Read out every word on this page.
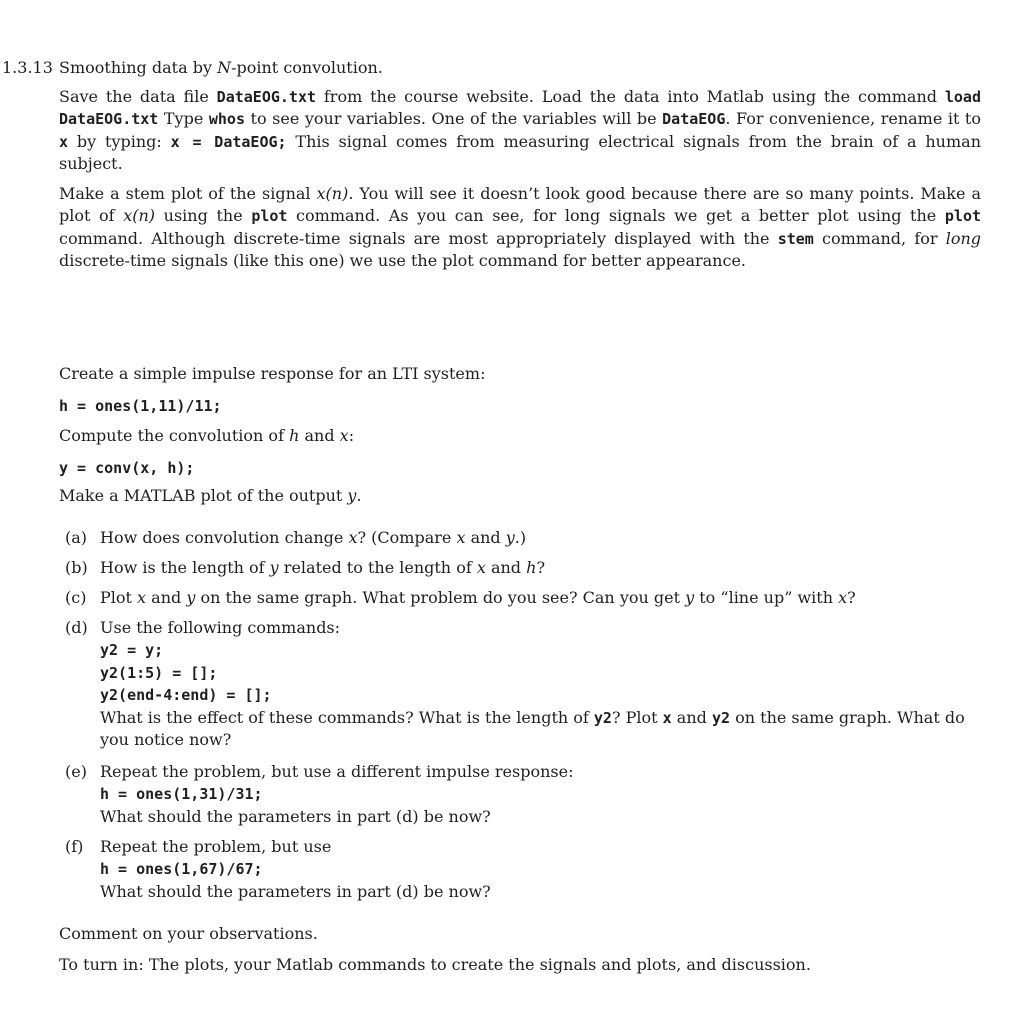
1.3.13 Smoothing data by N-point convolution.
Save the data file DataEOG.txt from the course website. Load the data into Matlab using the command load DataEOG.txt Type whos to see your variables. One of the variables will be DataEOG. For convenience, rename it to x by typing: x = DataEOG; This signal comes from measuring electrical signals from the brain of a human subject.
Make a stem plot of the signal x(n). You will see it doesn’t look good because there are so many points. Make a plot of x(n) using the plot command. As you can see, for long signals we get a better plot using the plot command. Although discrete-time signals are most appropriately displayed with the stem command, for long discrete-time signals (like this one) we use the plot command for better appearance.
Create a simple impulse response for an LTI system:
h = ones(1,11)/11;
Compute the convolution of h and x:
y = conv(x, h);
Make a MATLAB plot of the output y.
(a) How does convolution change x? (Compare x and y.)
(b) How is the length of y related to the length of x and h?
(c) Plot x and y on the same graph. What problem do you see? Can you get y to “line up” with x?
(d) Use the following commands:
y2 = y;
y2(1:5) = [];
y2(end-4:end) = [];
What is the effect of these commands? What is the length of y2? Plot x and y2 on the same graph. What do you notice now?
(e) Repeat the problem, but use a different impulse response:
h = ones(1,31)/31;
What should the parameters in part (d) be now?
(f) Repeat the problem, but use
h = ones(1,67)/67;
What should the parameters in part (d) be now?
Comment on your observations.
To turn in: The plots, your Matlab commands to create the signals and plots, and discussion.
